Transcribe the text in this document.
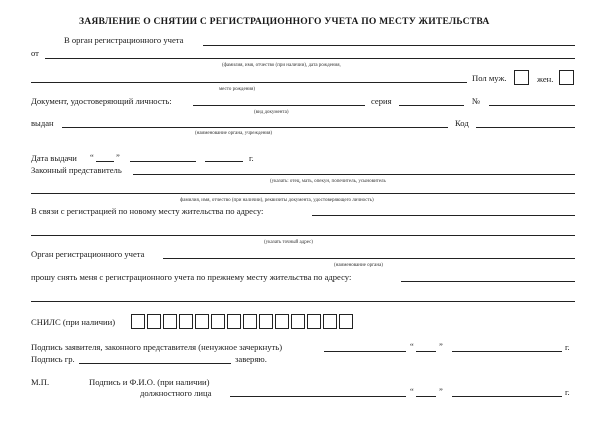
ЗАЯВЛЕНИЕ О СНЯТИИ С РЕГИСТРАЦИОННОГО УЧЕТА ПО МЕСТУ ЖИТЕЛЬСТВА
В орган регистрационного учета
от
(фамилия, имя, отчество (при наличии), дата рождения,
Пол муж.	жен.
место рождения)
Документ, удостоверяющий личность:	серия	№
(вид документа)
выдан	Код
(наименование органа, учреждения)
Дата выдачи “	”	г.
Законный представитель
(указать: отец, мать, опекун, попечитель, усыновитель
фамилия, имя, отчество (при наличии), реквизиты документа, удостоверяющего личность)
В связи с регистрацией по новому месту жительства по адресу:
(указать точный адрес)
Орган регистрационного учета
(наименование органа)
прошу снять меня с регистрационного учета по прежнему месту жительства по адресу:
СНИЛС (при наличии)
Подпись заявителя, законного представителя (ненужное зачеркнуть)	“	”	г.
Подпись гр.	заверяю.
М.П.	Подпись и Ф.И.О. (при наличии)
должностного лица	“	”	г.
